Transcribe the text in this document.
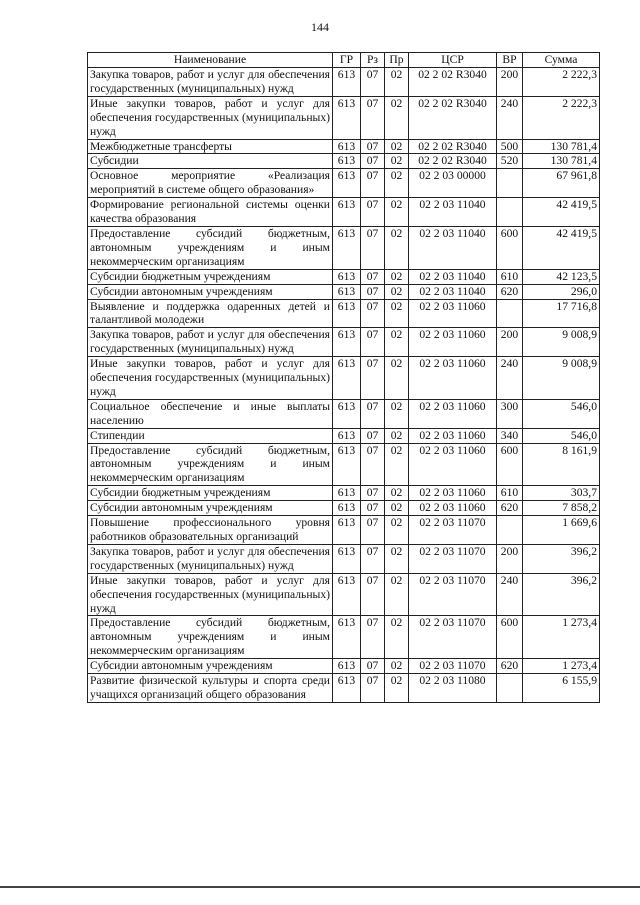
144
Наименование	ГР	Рз	Пр	ЦСР	ВР	Сумма
Закупка товаров, работ и услуг для обеспечения государственных (муниципальных) нужд	613	07	02	02 2 02 R3040	200	2 222,3
Иные закупки товаров, работ и услуг для обеспечения государственных (муниципальных) нужд	613	07	02	02 2 02 R3040	240	2 222,3
Межбюджетные трансферты	613	07	02	02 2 02 R3040	500	130 781,4
Субсидии	613	07	02	02 2 02 R3040	520	130 781,4
Основное мероприятие «Реализация мероприятий в системе общего образования»	613	07	02	02 2 03 00000		67 961,8
Формирование региональной системы оценки качества образования	613	07	02	02 2 03 11040		42 419,5
Предоставление субсидий бюджетным, автономным учреждениям и иным некоммерческим организациям	613	07	02	02 2 03 11040	600	42 419,5
Субсидии бюджетным учреждениям	613	07	02	02 2 03 11040	610	42 123,5
Субсидии автономным учреждениям	613	07	02	02 2 03 11040	620	296,0
Выявление и поддержка одаренных детей и талантливой молодежи	613	07	02	02 2 03 11060		17 716,8
Закупка товаров, работ и услуг для обеспечения государственных (муниципальных) нужд	613	07	02	02 2 03 11060	200	9 008,9
Иные закупки товаров, работ и услуг для обеспечения государственных (муниципальных) нужд	613	07	02	02 2 03 11060	240	9 008,9
Социальное обеспечение и иные выплаты населению	613	07	02	02 2 03 11060	300	546,0
Стипендии	613	07	02	02 2 03 11060	340	546,0
Предоставление субсидий бюджетным, автономным учреждениям и иным некоммерческим организациям	613	07	02	02 2 03 11060	600	8 161,9
Субсидии бюджетным учреждениям	613	07	02	02 2 03 11060	610	303,7
Субсидии автономным учреждениям	613	07	02	02 2 03 11060	620	7 858,2
Повышение профессионального уровня работников образовательных организаций	613	07	02	02 2 03 11070		1 669,6
Закупка товаров, работ и услуг для обеспечения государственных (муниципальных) нужд	613	07	02	02 2 03 11070	200	396,2
Иные закупки товаров, работ и услуг для обеспечения государственных (муниципальных) нужд	613	07	02	02 2 03 11070	240	396,2
Предоставление субсидий бюджетным, автономным учреждениям и иным некоммерческим организациям	613	07	02	02 2 03 11070	600	1 273,4
Субсидии автономным учреждениям	613	07	02	02 2 03 11070	620	1 273,4
Развитие физической культуры и спорта среди учащихся организаций общего образования	613	07	02	02 2 03 11080		6 155,9
